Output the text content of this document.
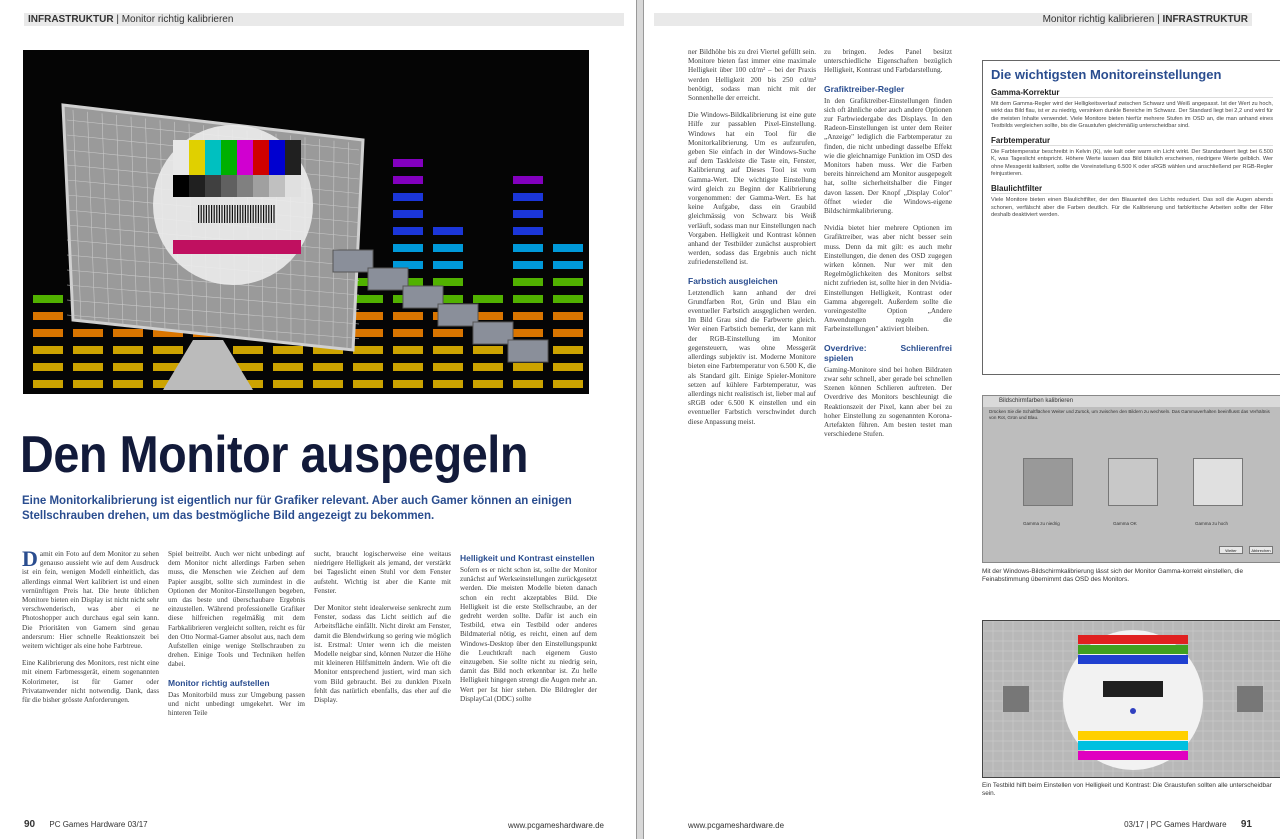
INFRASTRUKTUR | Monitor richtig kalibrieren
Den Monitor auspegeln
Eine Monitorkalibrierung ist eigentlich nur für Grafiker relevant. Aber auch Gamer können an einigen Stellschrauben drehen, um das bestmögliche Bild angezeigt zu bekommen.

Damit ein Foto auf dem Monitor zu sehen genauso aussieht wie auf dem Ausdruck ist ein fein, wenigen Modell einheitlich, das allerdings einmal Wert kalibriert ist und einen vernünftigen Preis hat. Die heute üblichen Monitore bieten ein Display ist nicht nicht sehr verschwenderisch, was aber ei ne Photoshopper auch durchaus egal sein kann. Die Prioritäten von Gamern sind genau andersrum: Hier schnelle Reaktionszeit bei weitem wichtiger als eine hohe Farbtreue.

Eine Kalibrierung des Monitors, rest nicht eine mit einem Farbmessgerät, einem sogenannten Kolorimeter, ist für Gamer oder Privatanwender nicht notwendig. Dank, dass für die bisher grösste Anforderungen.

Spiel beitreibt. Auch wer nicht unbedingt auf dem Monitor nicht allerdings Farben sehen muss, die Menschen wie Zeichen auf dem Papier ausgibt, sollte sich zumindest in die Optionen der Monitor-Einstellungen begeben, um das beste und überschaubare Ergebnis einzustellen. Während professionelle Grafiker diese hilfreichen regelmäßig mit dem Farbkalibrieren vergleicht sollten, reicht es für den Otto Normal-Gamer absolut aus, nach dem Aufstellen einige wenige Stellschrauben zu drehen. Einige Tools und Techniken helfen dabei.

Monitor richtig aufstellen

Das Monitorbild muss zur Umgebung passen und nicht unbedingt umgekehrt. Wer im hinteren Teile

sucht, braucht logischerweise eine weitaus niedrigere Helligkeit als jemand, der verstärkt bei Tageslicht einen Stuhl vor dem Fenster aufsteht. Wichtig ist aber die Kante mit Fenster.

Der Monitor steht idealerweise senkrecht zum Fenster, sodass das Licht seitlich auf die Arbeitsfläche einfällt. Nicht direkt am Fenster, damit die Blendwirkung so gering wie möglich ist. Erstmal: Unter wenn ich die meisten Modelle neigbar sind, können Nutzer die Höhe mit kleineren Hilfsmitteln ändern. Wie oft die Monitor entsprechend justiert, wird man sich vom Bild gebraucht. Bei zu dunklen Pixeln fehlt das natürlich ebenfalls, das eher auf die Display.

Helligkeit und Kontrast einstellen

Sofern es er nicht schon ist, sollte der Monitor zunächst auf Werkseinstellungen zurückgesetzt werden. Die meisten Modelle bieten danach schon ein recht akzeptables Bild. Die Helligkeit ist die erste Stellschraube, an der gedreht werden sollte. Dafür ist auch ein Testbild, etwa ein Testbild oder anderes Bildmaterial nötig, es reicht, einen auf dem Windows-Desktop über den Einstellungspunkt die Leuchtkraft nach eigenem Gusto einzugeben. Sie sollte nicht zu niedrig sein, damit das Bild noch erkennbar ist. Zu helle Helligkeit hingegen strengt die Augen mehr an. Wert per Ist hier stehen. Die Bildregler der DisplayCal (DDC) sollte

90 PC Games Hardware 03/17	www.pcgameshardware.de
Monitor richtig kalibrieren | INFRASTRUKTUR

ner Bildhöhe bis zu drei Viertel gefüllt sein. Monitore bieten fast immer eine maximale Helligkeit über 100 cd/m² – bei der Praxis werden Helligkeit 200 bis 250 cd/m² benötigt, sodass man nicht mit der Sonnenhelle der erreicht.

Die Windows-Bildkalibrierung ist eine gute Hilfe zur passablen Pixel-Einstellung. Windows hat ein Tool für die Monitorkalibrierung. Um es aufzurufen, geben Sie einfach in der Windows-Suche auf dem Taskleiste die Taste ein, Fenster, Kalibrierung auf Dieses Tool ist vom Gamma-Wert. Die wichtigste Einstellung wird gleich zu Beginn der Kalibrierung vorgenommen: der Gamma-Wert. Es hat keine Aufgabe, dass ein Graubild gleichmässig von Schwarz bis Weiß verläuft, sodass man nur Einstellungen nach Vorgaben. Helligkeit und Kontrast können anhand der Testbilder zunächst ausprobiert werden, sodass das Ergebnis auch nicht zufriedenstellend ist.

Farbstich ausgleichen

Letztendlich kann anhand der drei Grundfarben Rot, Grün und Blau ein eventueller Farbstich ausgeglichen werden. Im Bild Grau sind die Farbwerte gleich. Wer einen Farbstich bemerkt, der kann mit der RGB-Einstellung im Monitor gegensteuern, was ohne Messgerät allerdings subjektiv ist. Moderne Monitore bieten eine Farbtemperatur von 6.500 K, die als Standard gilt. Einige Spieler-Monitore setzen auf kühlere Farbtemperatur, was allerdings nicht realistisch ist, lieber mal auf sRGB oder 6.500 K einstellen und ein eventueller Farbstich verschwindet durch diese Anpassung meist.

zu bringen. Jedes Panel besitzt unterschiedliche Eigenschaften bezüglich Helligkeit, Kontrast und Farbdarstellung.

Grafiktreiber-Regler

In den Grafiktreiber-Einstellungen finden sich oft ähnliche oder auch andere Optionen zur Farbwiedergabe des Displays. In den Radeon-Einstellungen ist unter dem Reiter „Anzeige" lediglich die Farbtemperatur zu finden, die nicht unbedingt dasselbe Effekt wie die gleichnamige Funktion im OSD des Monitors haben muss. Wer die Farben bereits hinreichend am Monitor ausgepegelt hat, sollte sicherheitshalber die Finger davon lassen. Der Knopf „Display Color" öffnet wieder die Windows-eigene Bildschirmkalibrierung.

Nvidia bietet hier mehrere Optionen im Grafiktreiber, was aber nicht besser sein muss. Denn da mit gilt: es auch mehr Einstellungen, die denen des OSD zugegen wirken können. Nur wer mit den Regelmöglichkeiten des Monitors selbst nicht zufrieden ist, sollte hier in den Nvidia-Einstellungen Helligkeit, Kontrast oder Gamma abgeregelt. Außerdem sollte die voreingestellte Option „Andere Anwendungen regeln die Farbeinstellungen" aktiviert bleiben.

Overdrive: Schlierenfrei spielen

Gaming-Monitore sind bei hohen Bildraten zwar sehr schnell, aber gerade bei schnellen Szenen können Schlieren auftreten. Der Overdrive des Monitors beschleunigt die Reaktionszeit der Pixel, kann aber bei zu hoher Einstellung zu sogenannten Korona-Artefakten führen. Am besten testet man verschiedene Stufen.

Die wichtigsten Monitoreinstellungen
Gamma-Korrektur

Mit dem Gamma-Regler wird der Helligkeitsverlauf zwischen Schwarz und Weiß angepasst. Ist der Wert zu hoch, wirkt das Bild flau, ist er zu niedrig, versinken dunkle Bereiche im Schwarz. Der Standard liegt bei 2,2 und wird für die meisten Inhalte verwendet. Viele Monitore bieten hierfür mehrere Stufen im OSD an, die man anhand eines Testbilds vergleichen sollte, bis die Graustufen gleichmäßig unterscheidbar sind.

Farbtemperatur

Die Farbtemperatur beschreibt in Kelvin (K), wie kalt oder warm ein Licht wirkt. Der Standardwert liegt bei 6.500 K, was Tageslicht entspricht. Höhere Werte lassen das Bild bläulich erscheinen, niedrigere Werte gelblich. Wer ohne Messgerät kalibriert, sollte die Voreinstellung 6.500 K oder sRGB wählen und anschließend per RGB-Regler feinjustieren.

Blaulichtfilter

Viele Monitore bieten einen Blaulichtfilter, der den Blauanteil des Lichts reduziert. Das soll die Augen abends schonen, verfälscht aber die Farben deutlich. Für die Kalibrierung und farbkritische Arbeiten sollte der Filter deshalb deaktiviert werden.

Bildschirmfarben kalibrieren
Drücken Sie die Schaltflächen Weiter und Zurück, um zwischen den Bildern zu wechseln. Das Gammaverhalten beeinflusst das Verhältnis von Rot, Grün und Blau.
Gamma zu niedrig	Gamma OK	Gamma zu hoch
Weiter	Abbrechen
Mit der Windows-Bildschirmkalibrierung lässt sich der Monitor Gamma-korrekt einstellen, die Feinabstimmung übernimmt das OSD des Monitors.
Ein Testbild hilft beim Einstellen von Helligkeit und Kontrast: Die Graustufen sollten alle unterscheidbar sein.
www.pcgameshardware.de	03/17 | PC Games Hardware 91
